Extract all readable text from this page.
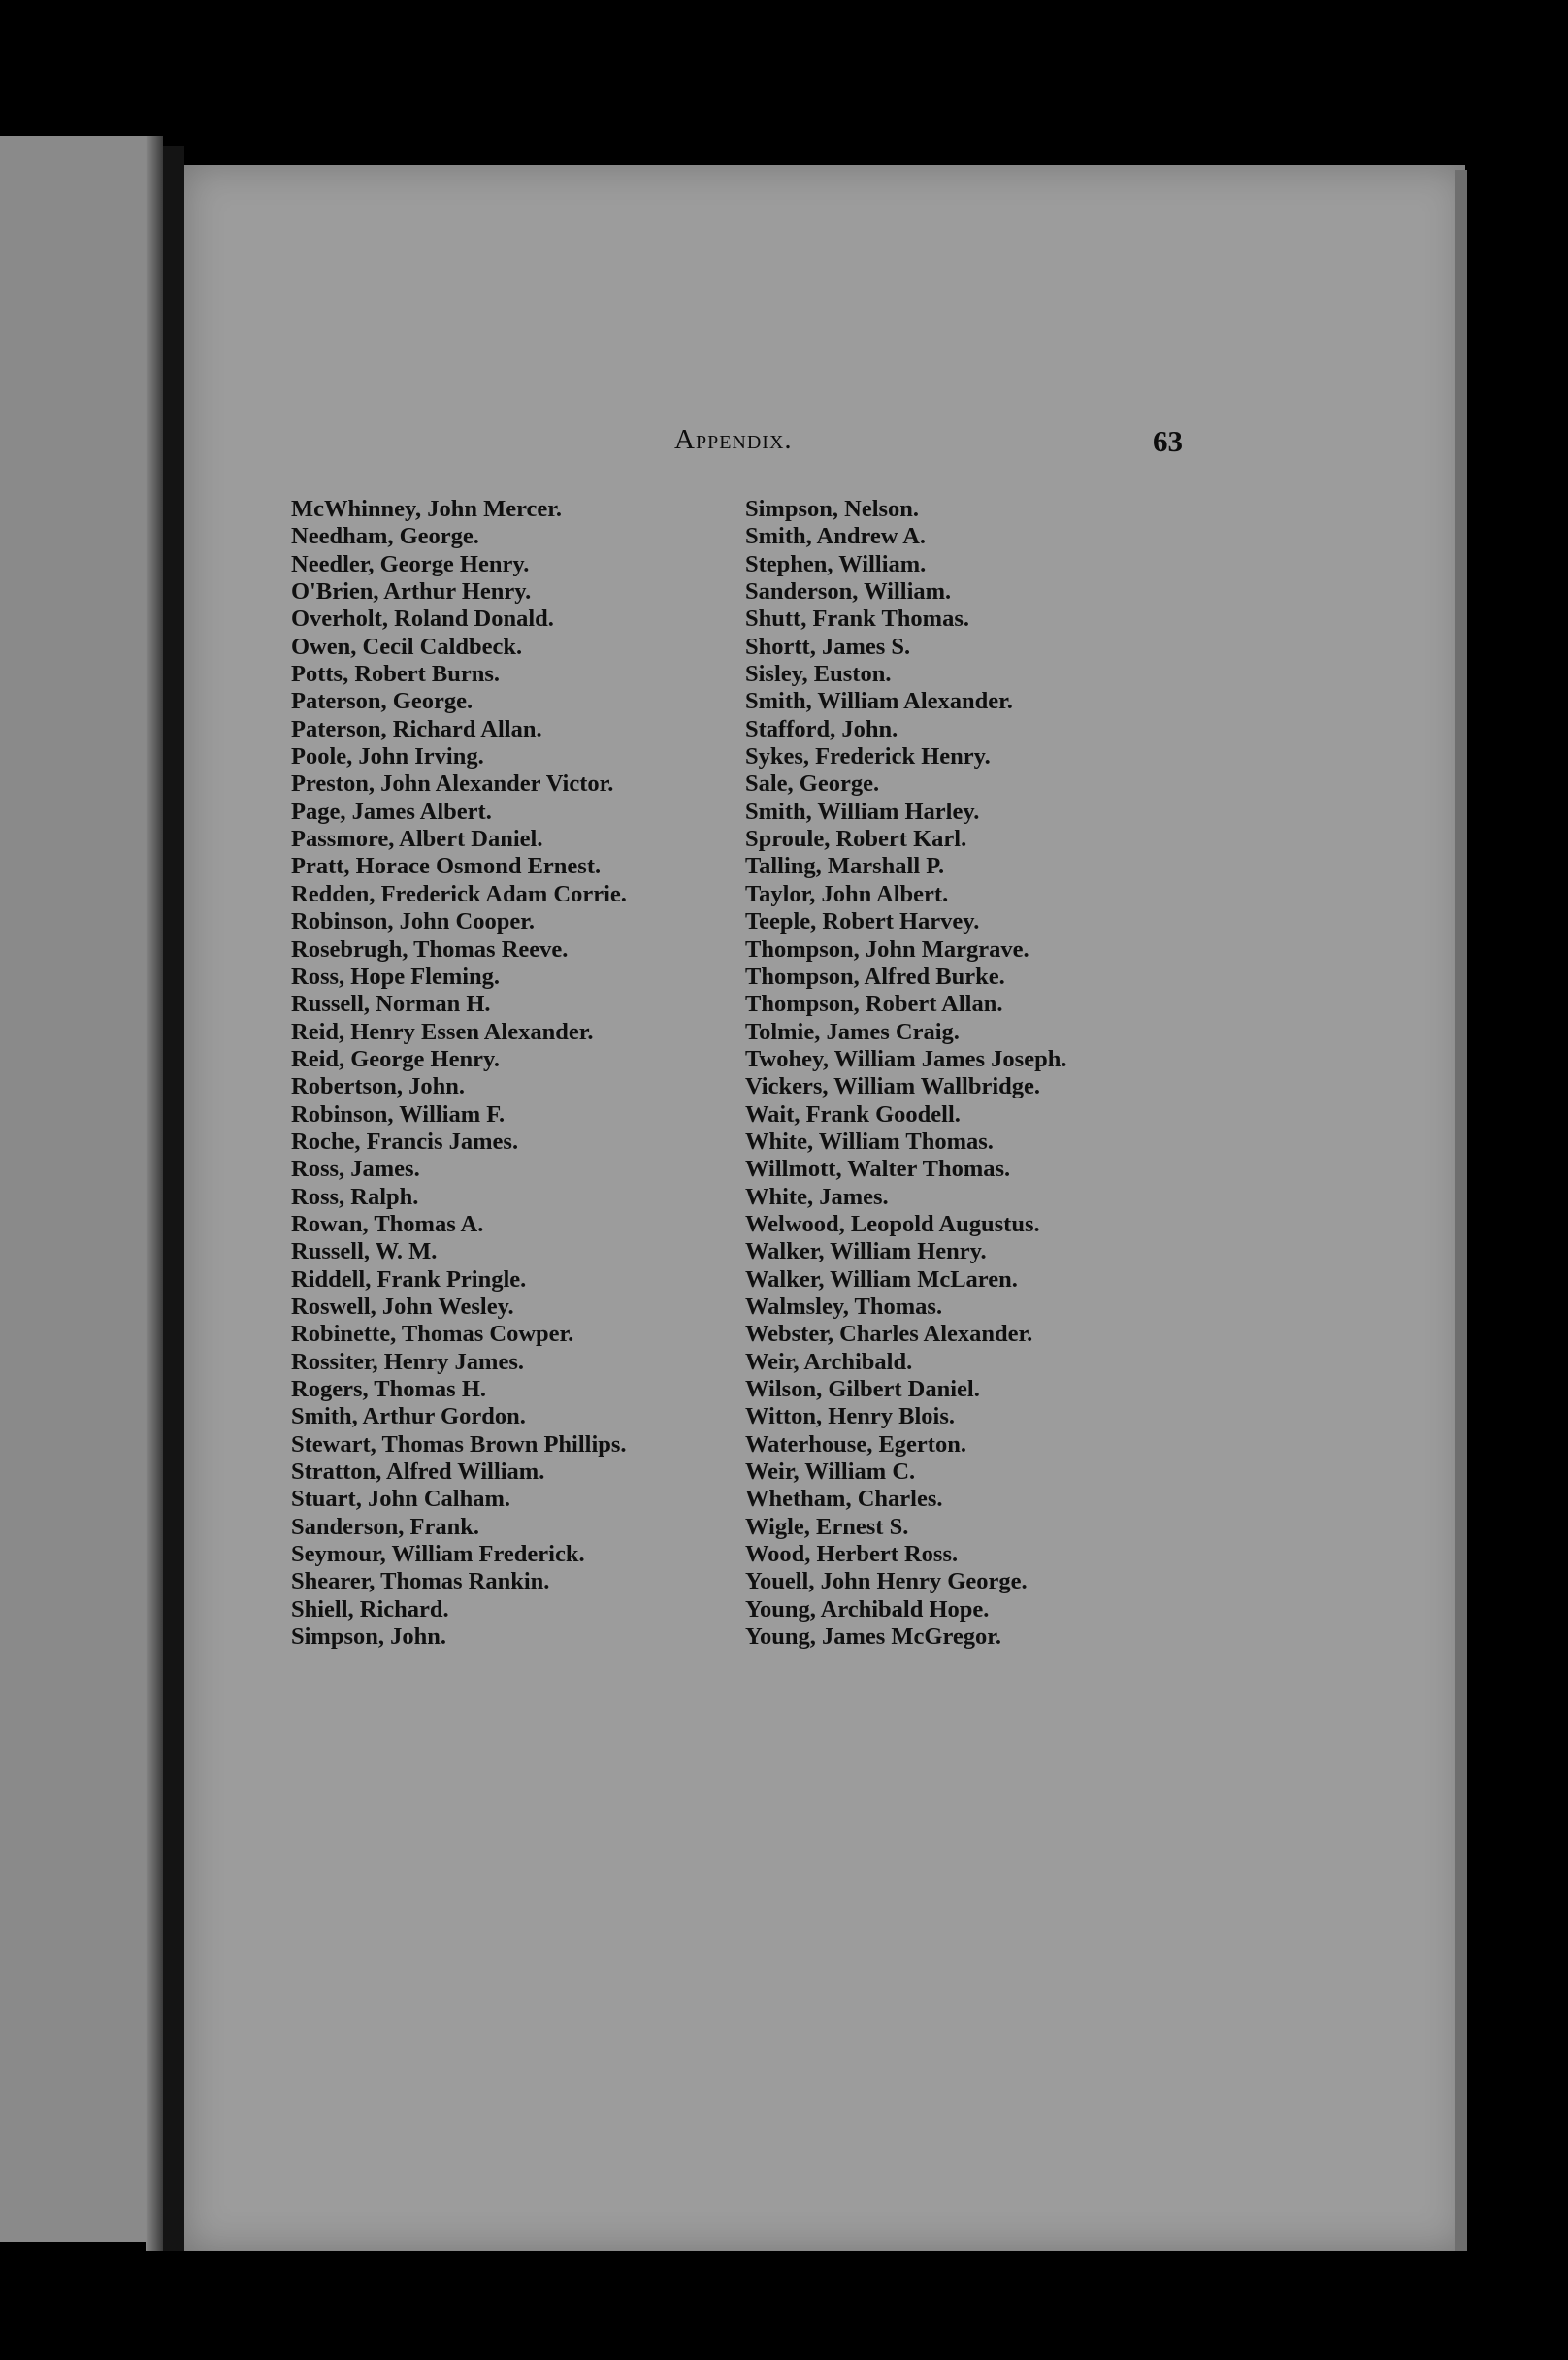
Appendix.	63
McWhinney, John Mercer.
Needham, George.
Needler, George Henry.
O'Brien, Arthur Henry.
Overholt, Roland Donald.
Owen, Cecil Caldbeck.
Potts, Robert Burns.
Paterson, George.
Paterson, Richard Allan.
Poole, John Irving.
Preston, John Alexander Victor.
Page, James Albert.
Passmore, Albert Daniel.
Pratt, Horace Osmond Ernest.
Redden, Frederick Adam Corrie.
Robinson, John Cooper.
Rosebrugh, Thomas Reeve.
Ross, Hope Fleming.
Russell, Norman H.
Reid, Henry Essen Alexander.
Reid, George Henry.
Robertson, John.
Robinson, William F.
Roche, Francis James.
Ross, James.
Ross, Ralph.
Rowan, Thomas A.
Russell, W. M.
Riddell, Frank Pringle.
Roswell, John Wesley.
Robinette, Thomas Cowper.
Rossiter, Henry James.
Rogers, Thomas H.
Smith, Arthur Gordon.
Stewart, Thomas Brown Phillips.
Stratton, Alfred William.
Stuart, John Calham.
Sanderson, Frank.
Seymour, William Frederick.
Shearer, Thomas Rankin.
Shiell, Richard.
Simpson, John.
Simpson, Nelson.
Smith, Andrew A.
Stephen, William.
Sanderson, William.
Shutt, Frank Thomas.
Shortt, James S.
Sisley, Euston.
Smith, William Alexander.
Stafford, John.
Sykes, Frederick Henry.
Sale, George.
Smith, William Harley.
Sproule, Robert Karl.
Talling, Marshall P.
Taylor, John Albert.
Teeple, Robert Harvey.
Thompson, John Margrave.
Thompson, Alfred Burke.
Thompson, Robert Allan.
Tolmie, James Craig.
Twohey, William James Joseph.
Vickers, William Wallbridge.
Wait, Frank Goodell.
White, William Thomas.
Willmott, Walter Thomas.
White, James.
Welwood, Leopold Augustus.
Walker, William Henry.
Walker, William McLaren.
Walmsley, Thomas.
Webster, Charles Alexander.
Weir, Archibald.
Wilson, Gilbert Daniel.
Witton, Henry Blois.
Waterhouse, Egerton.
Weir, William C.
Whetham, Charles.
Wigle, Ernest S.
Wood, Herbert Ross.
Youell, John Henry George.
Young, Archibald Hope.
Young, James McGregor.
